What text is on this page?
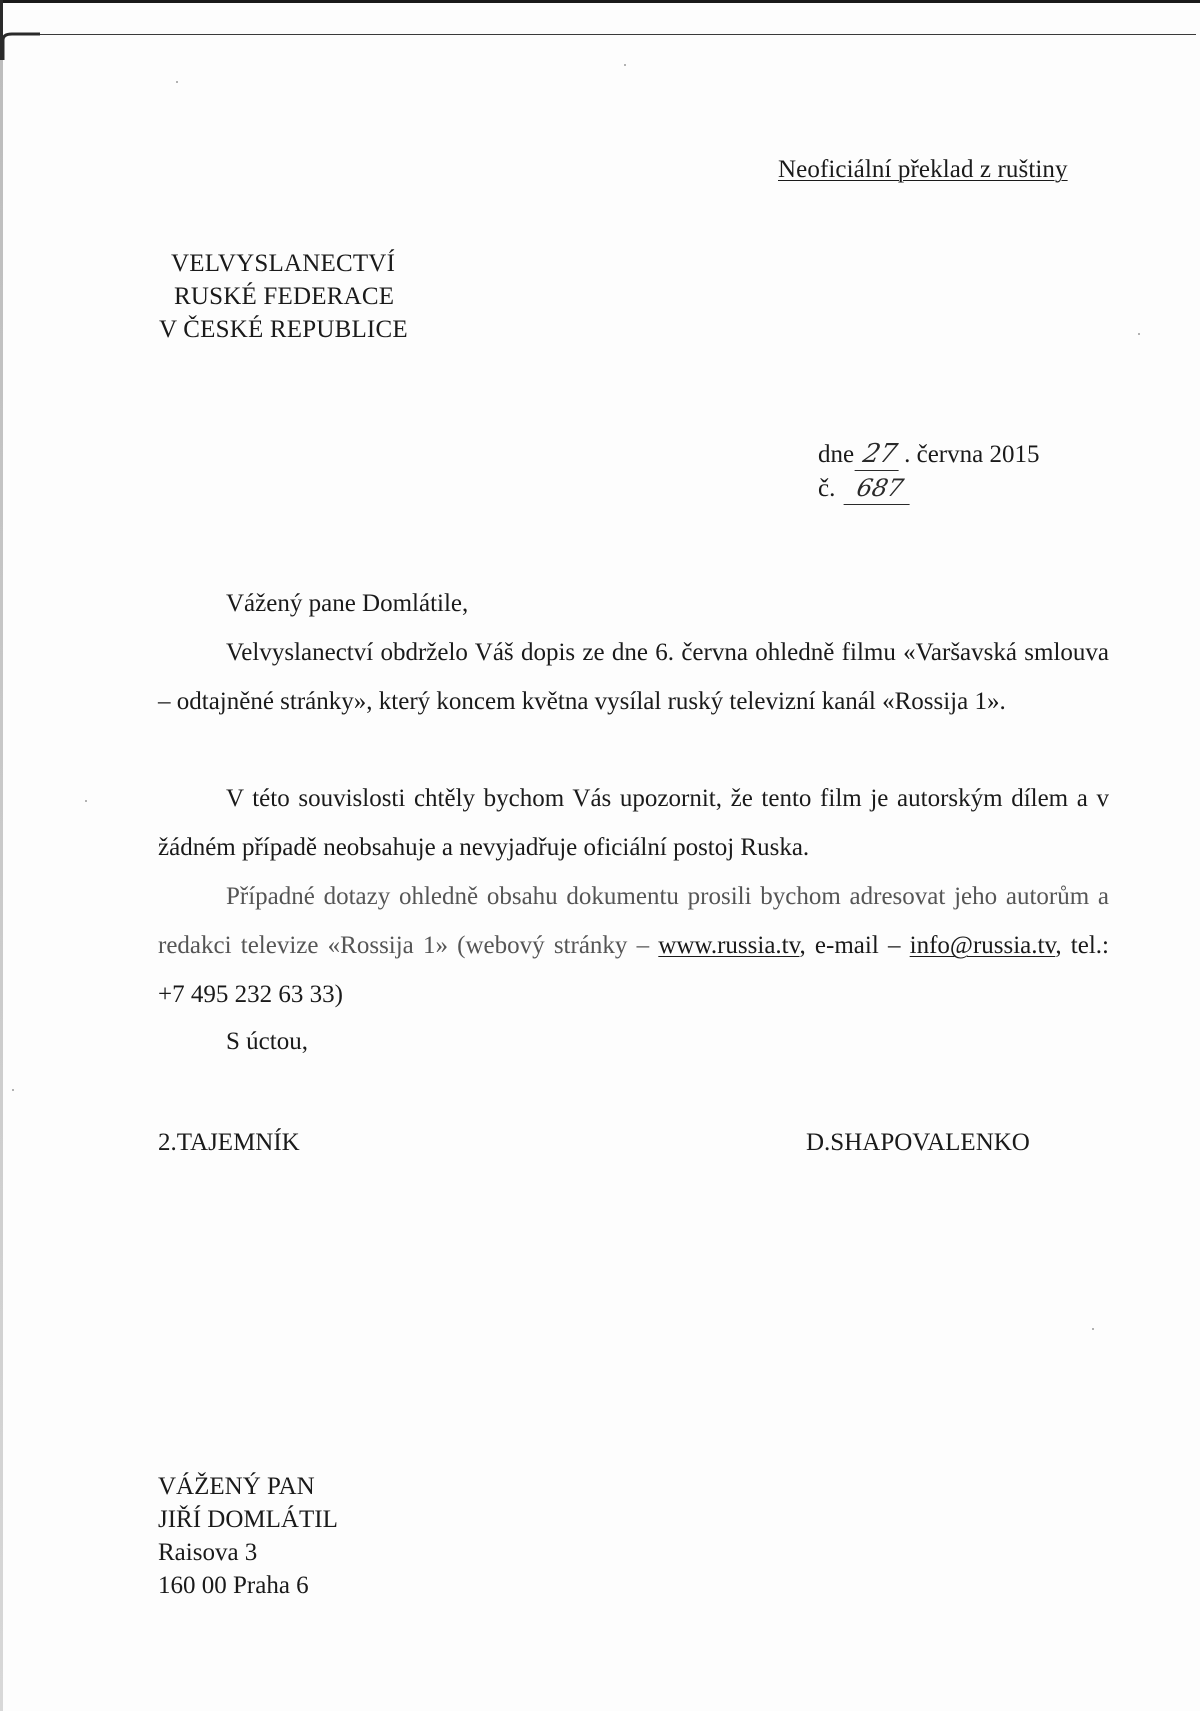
Neoficiální překlad z ruštiny
VELVYSLANECTVÍ
RUSKÉ FEDERACE
V ČESKÉ REPUBLICE
dne 27 . června 2015
č. 687
Vážený pane Domlátile,
Velvyslanectví obdrželo Váš dopis ze dne 6. června ohledně filmu «Varšavská smlouva – odtajněné stránky», který koncem května vysílal ruský televizní kanál «Rossija 1».
V této souvislosti chtěly bychom Vás upozornit, že tento film je autorským dílem a v žádném případě neobsahuje a nevyjadřuje oficiální postoj Ruska.
Případné dotazy ohledně obsahu dokumentu prosili bychom adresovat jeho autorům a redakci televize «Rossija 1» (webový stránky – www.russia.tv, e-mail – info@russia.tv, tel.: +7 495 232 63 33)
S úctou,
2.TAJEMNÍK	D.SHAPOVALENKO
VÁŽENÝ PAN
JIŘÍ DOMLÁTIL
Raisova 3
160 00 Praha 6
